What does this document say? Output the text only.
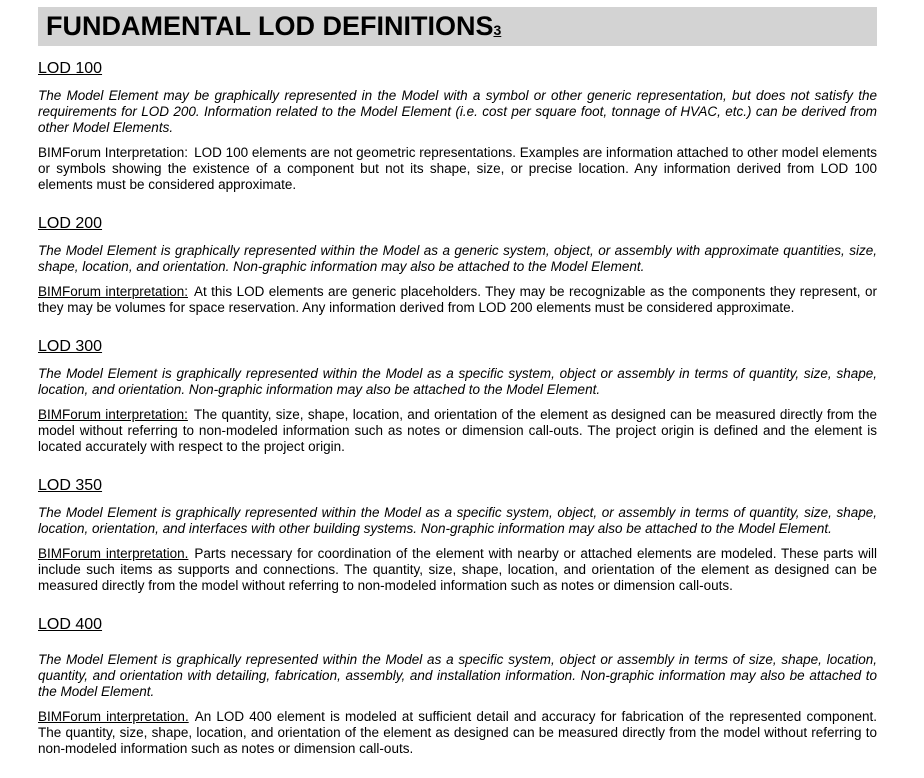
FUNDAMENTAL LOD DEFINITIONS3
LOD 100

The Model Element may be graphically represented in the Model with a symbol or other generic representation, but does not satisfy the requirements for LOD 200. Information related to the Model Element (i.e. cost per square foot, tonnage of HVAC, etc.) can be derived from other Model Elements.

BIMForum Interpretation: LOD 100 elements are not geometric representations. Examples are information attached to other model elements or symbols showing the existence of a component but not its shape, size, or precise location. Any information derived from LOD 100 elements must be considered approximate.

LOD 200

The Model Element is graphically represented within the Model as a generic system, object, or assembly with approximate quantities, size, shape, location, and orientation. Non-graphic information may also be attached to the Model Element.

BIMForum interpretation: At this LOD elements are generic placeholders. They may be recognizable as the components they represent, or they may be volumes for space reservation. Any information derived from LOD 200 elements must be considered approximate.

LOD 300

The Model Element is graphically represented within the Model as a specific system, object or assembly in terms of quantity, size, shape, location, and orientation. Non-graphic information may also be attached to the Model Element.

BIMForum interpretation: The quantity, size, shape, location, and orientation of the element as designed can be measured directly from the model without referring to non-modeled information such as notes or dimension call-outs. The project origin is defined and the element is located accurately with respect to the project origin.

LOD 350

The Model Element is graphically represented within the Model as a specific system, object, or assembly in terms of quantity, size, shape, location, orientation, and interfaces with other building systems. Non-graphic information may also be attached to the Model Element.

BIMForum interpretation. Parts necessary for coordination of the element with nearby or attached elements are modeled. These parts will include such items as supports and connections. The quantity, size, shape, location, and orientation of the element as designed can be measured directly from the model without referring to non-modeled information such as notes or dimension call-outs.

LOD 400

The Model Element is graphically represented within the Model as a specific system, object or assembly in terms of size, shape, location, quantity, and orientation with detailing, fabrication, assembly, and installation information. Non-graphic information may also be attached to the Model Element.

BIMForum interpretation. An LOD 400 element is modeled at sufficient detail and accuracy for fabrication of the represented component. The quantity, size, shape, location, and orientation of the element as designed can be measured directly from the model without referring to non-modeled information such as notes or dimension call-outs.
